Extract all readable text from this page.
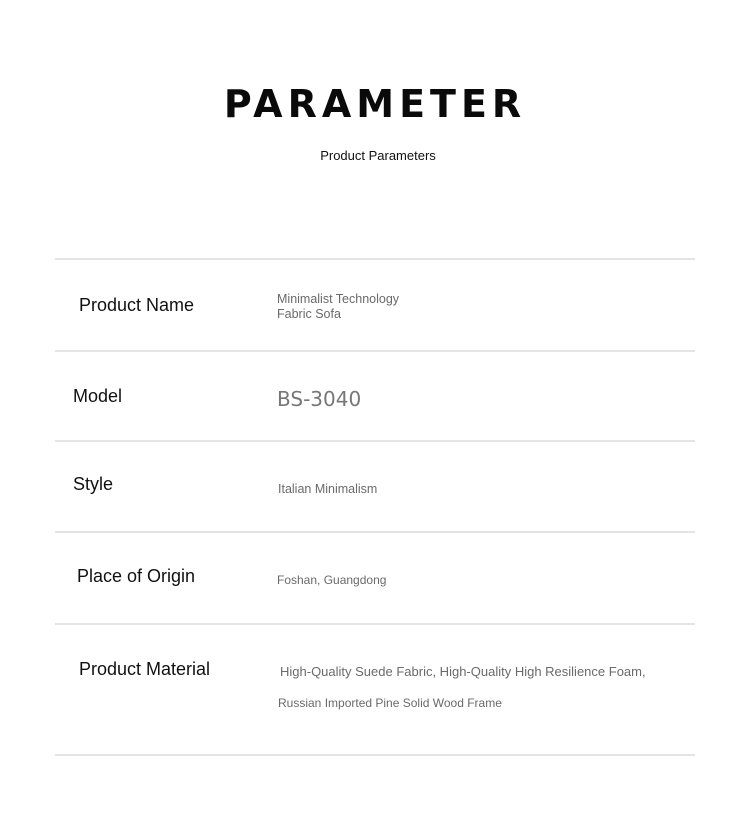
PARAMETER
Product Parameters
Product Name	Minimalist Technology
Fabric Sofa
Model	BS-3040
Style	Italian Minimalism
Place of Origin	Foshan, Guangdong
Product Material	High-Quality Suede Fabric, High-Quality High Resilience Foam,
Russian Imported Pine Solid Wood Frame
